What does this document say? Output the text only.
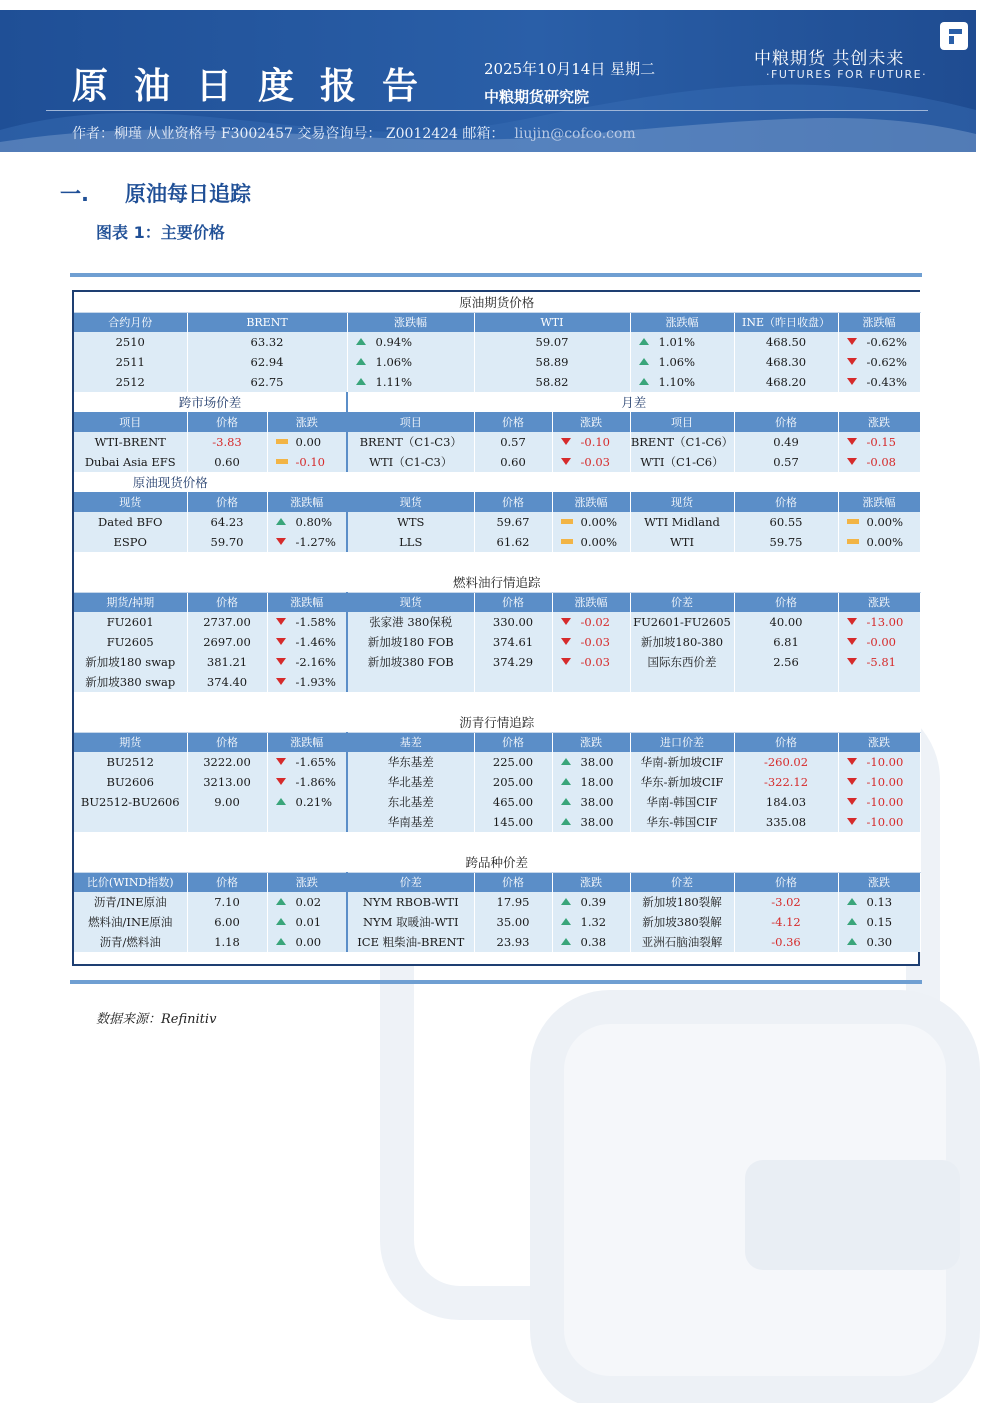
原油日度报告	2025年10月14日 星期二
中粮期货研究院
中粮期货 共创未来
·FUTURES FOR FUTURE·
作者：柳瑾 从业资格号 F3002457 交易咨询号： Z0012424 邮箱： liujin@cofco.com
一. 原油每日追踪
图表 1：主要价格
原油期货价格								
合约月份	BRENT		涨跌幅	WTI		涨跌幅	INE（昨日收盘）	涨跌幅
2510	63.32		0.94%	59.07		1.01%	468.50	-0.62%
2511	62.94		1.06%	58.89		1.06%	468.30	-0.62%
2512	62.75		1.11%	58.82		1.10%	468.20	-0.43%
跨市场价差			月差					
项目	价格	涨跌	项目	价格	涨跌	项目	价格	涨跌
WTI-BRENT	-3.83	0.00	BRENT（C1-C3）	0.57	-0.10	BRENT（C1-C6）	0.49	-0.15
Dubai Asia EFS	0.60	-0.10	WTI（C1-C3）	0.60	-0.03	WTI（C1-C6）	0.57	-0.08
原油现货价格								
现货	价格	涨跌幅	现货	价格	涨跌幅	现货	价格	涨跌幅
Dated BFO	64.23	0.80%	WTS	59.67	0.00%	WTI Midland	60.55	0.00%
ESPO	59.70	-1.27%	LLS	61.62	0.00%	WTI	59.75	0.00%

燃料油行情追踪								
期货/掉期	价格	涨跌幅	现货	价格	涨跌幅	价差	价格	涨跌
FU2601	2737.00	-1.58%	张家港 380保税	330.00	-0.02	FU2601-FU2605	40.00	-13.00
FU2605	2697.00	-1.46%	新加坡180 FOB	374.61	-0.03	新加坡180-380	6.81	-0.00
新加坡180 swap	381.21	-2.16%	新加坡380 FOB	374.29	-0.03	国际东西价差	2.56	-5.81
新加坡380 swap	374.40	-1.93%						

沥青行情追踪								
期货	价格	涨跌幅	基差	价格	涨跌	进口价差	价格	涨跌
BU2512	3222.00	-1.65%	华东基差	225.00	38.00	华南-新加坡CIF	-260.02	-10.00
BU2606	3213.00	-1.86%	华北基差	205.00	18.00	华东-新加坡CIF	-322.12	-10.00
BU2512-BU2606	9.00	0.21%	东北基差	465.00	38.00	华南-韩国CIF	184.03	-10.00
			华南基差	145.00	38.00	华东-韩国CIF	335.08	-10.00

跨品种价差								
比价(WIND指数)	价格	涨跌	价差	价格	涨跌	价差	价格	涨跌
沥青/INE原油	7.10	0.02	NYM RBOB-WTI	17.95	0.39	新加坡180裂解	-3.02	0.13
燃料油/INE原油	6.00	0.01	NYM 取暖油-WTI	35.00	1.32	新加坡380裂解	-4.12	0.15
沥青/燃料油	1.18	0.00	ICE 粗柴油-BRENT	23.93	0.38	亚洲石脑油裂解	-0.36	0.30
数据来源：Refinitiv
